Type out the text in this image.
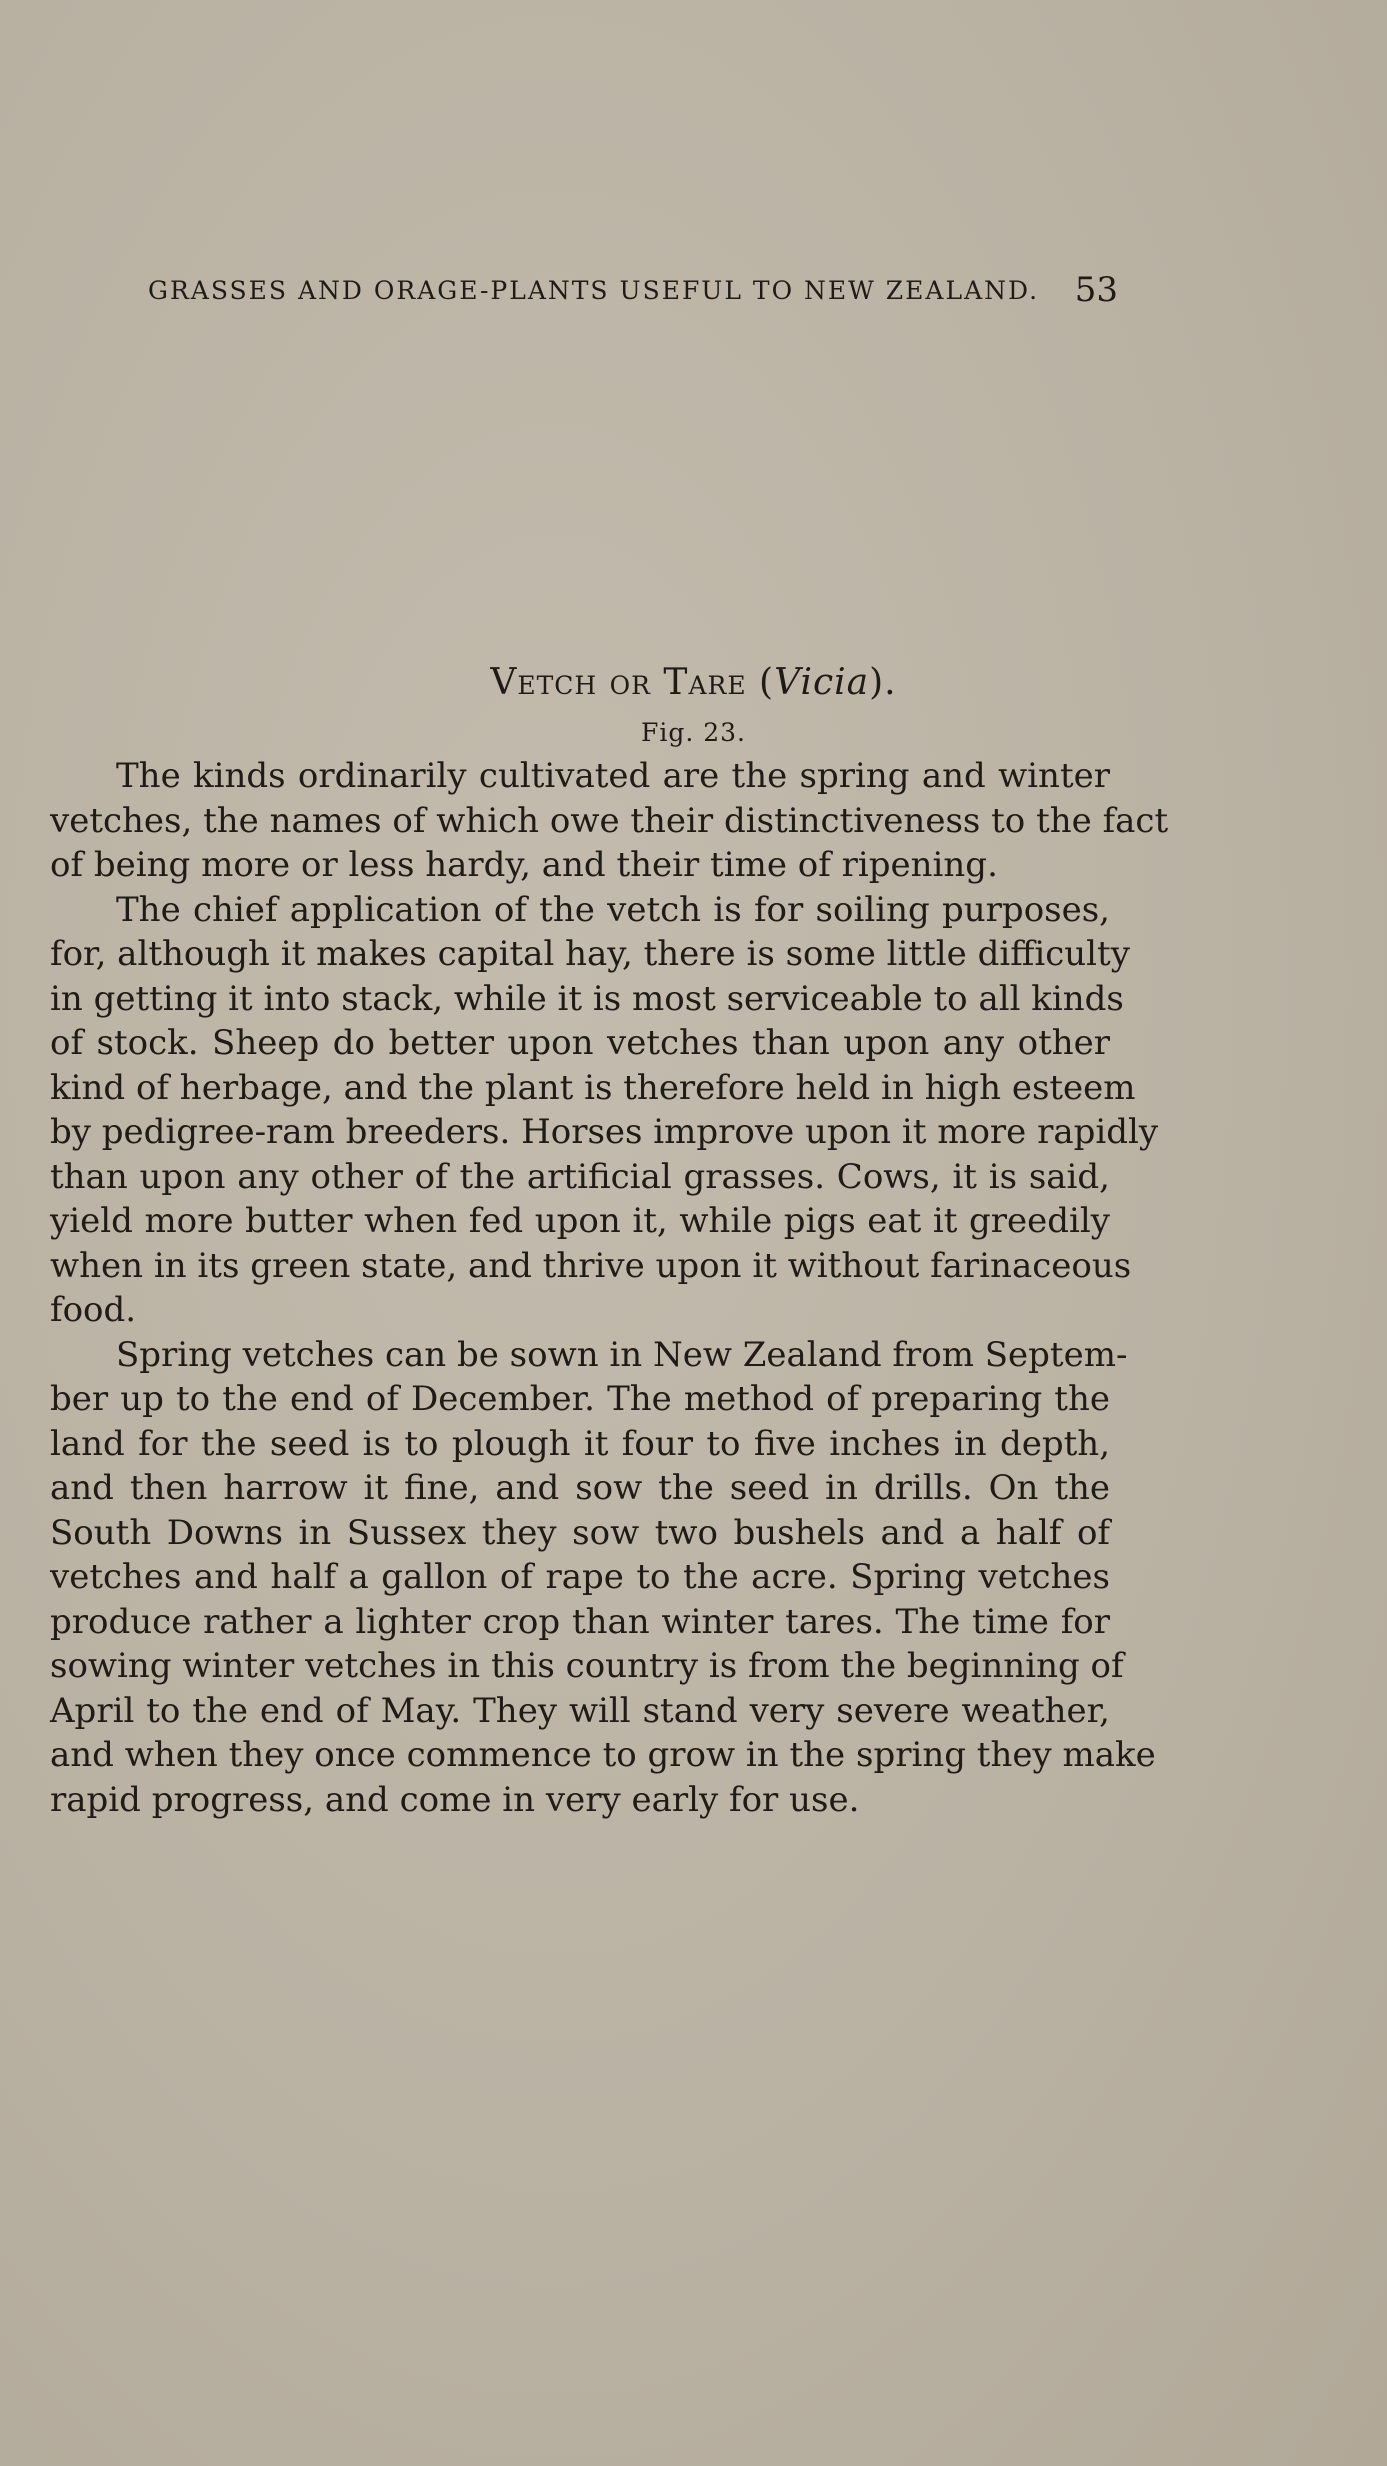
GRASSES AND ORAGE-PLANTS USEFUL TO NEW ZEALAND. 53
Vetch or Tare (Vicia).
Fig. 23.
The kinds ordinarily cultivated are the spring and winter
vetches, the names of which owe their distinctiveness to the fact
of being more or less hardy, and their time of ripening.
The chief application of the vetch is for soiling purposes,
for, although it makes capital hay, there is some little difficulty
in getting it into stack, while it is most serviceable to all kinds
of stock. Sheep do better upon vetches than upon any other
kind of herbage, and the plant is therefore held in high esteem
by pedigree-ram breeders. Horses improve upon it more rapidly
than upon any other of the artificial grasses. Cows, it is said,
yield more butter when fed upon it, while pigs eat it greedily
when in its green state, and thrive upon it without farinaceous
food.
Spring vetches can be sown in New Zealand from Septem-
ber up to the end of December. The method of preparing the
land for the seed is to plough it four to five inches in depth,
and then harrow it fine, and sow the seed in drills. On the
South Downs in Sussex they sow two bushels and a half of
vetches and half a gallon of rape to the acre. Spring vetches
produce rather a lighter crop than winter tares. The time for
sowing winter vetches in this country is from the beginning of
April to the end of May. They will stand very severe weather,
and when they once commence to grow in the spring they make
rapid progress, and come in very early for use.
